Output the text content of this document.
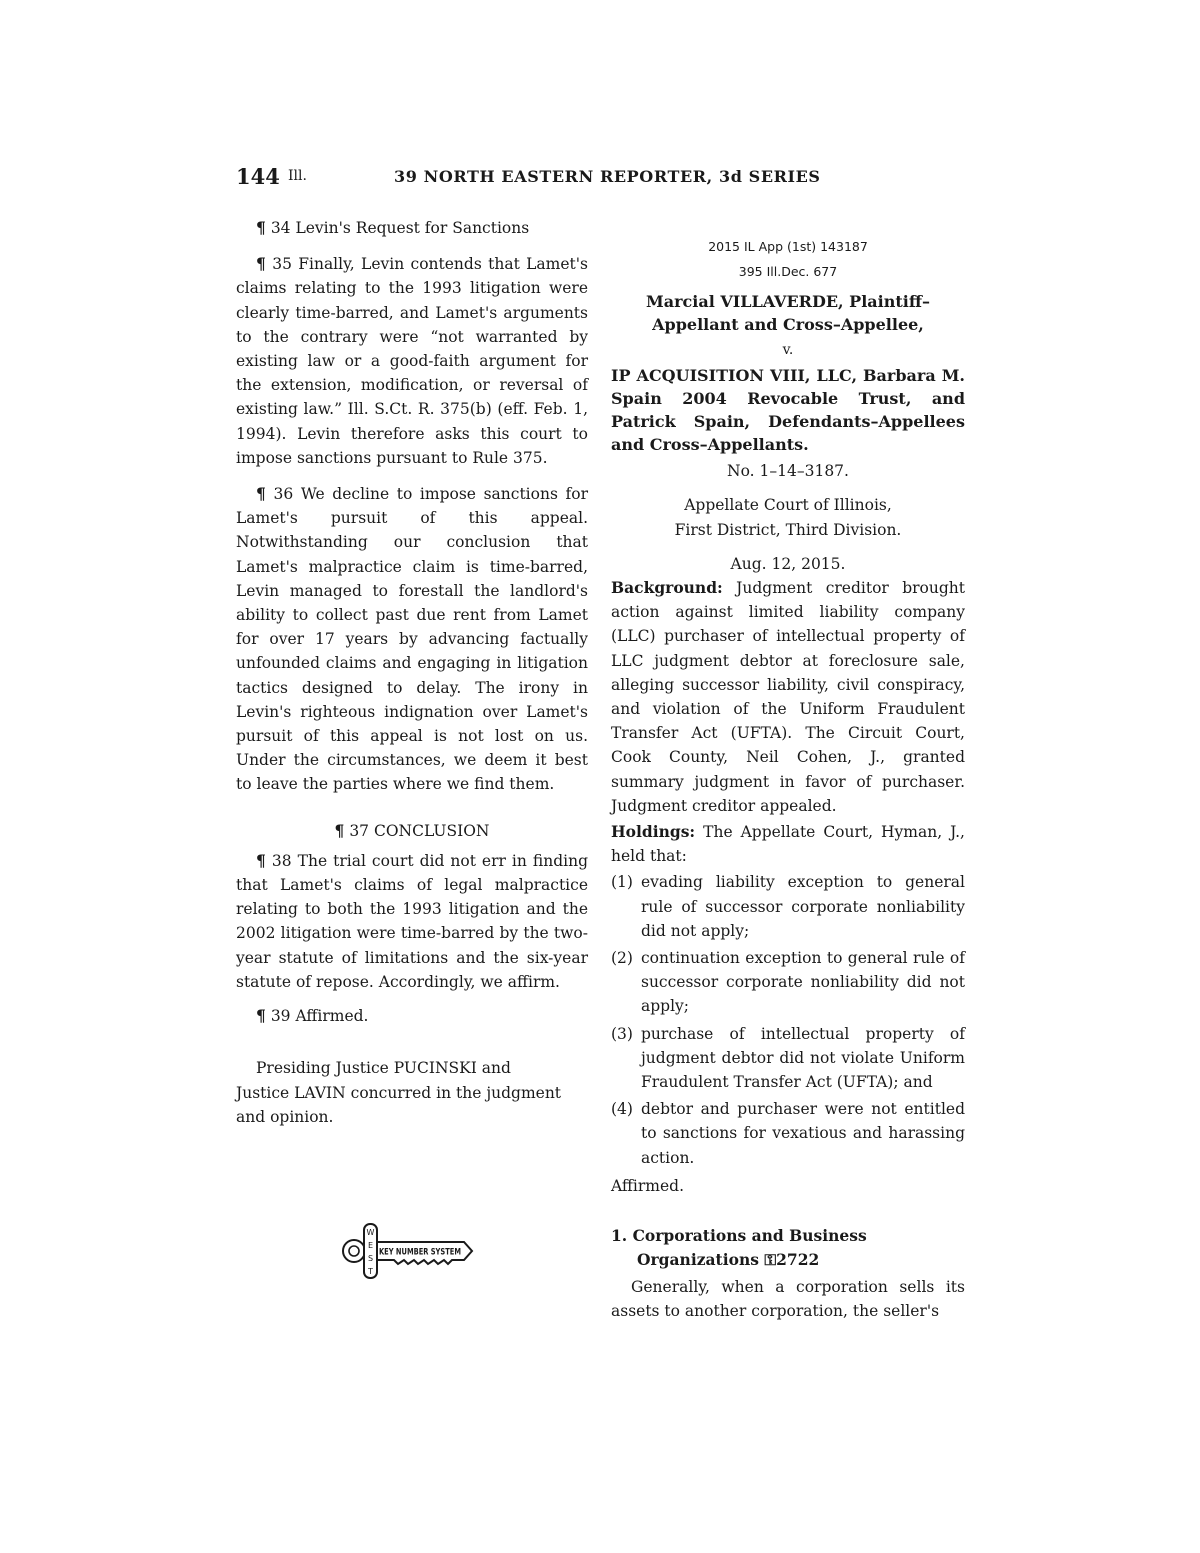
144 Ill.	39 NORTH EASTERN REPORTER, 3d SERIES

¶ 34 Levin's Request for Sanctions

¶ 35 Finally, Levin contends that Lamet's claims relating to the 1993 litigation were clearly time-barred, and Lamet's arguments to the contrary were “not warranted by existing law or a good-faith argument for the extension, modification, or reversal of existing law.” Ill. S.Ct. R. 375(b) (eff. Feb. 1, 1994). Levin therefore asks this court to impose sanctions pursuant to Rule 375.

¶ 36 We decline to impose sanctions for Lamet's pursuit of this appeal. Notwithstanding our conclusion that Lamet's malpractice claim is time-barred, Levin managed to forestall the landlord's ability to collect past due rent from Lamet for over 17 years by advancing factually unfounded claims and engaging in litigation tactics designed to delay. The irony in Levin's righteous indignation over Lamet's pursuit of this appeal is not lost on us. Under the circumstances, we deem it best to leave the parties where we find them.

¶ 37 CONCLUSION

¶ 38 The trial court did not err in finding that Lamet's claims of legal malpractice relating to both the 1993 litigation and the 2002 litigation were time-barred by the two-year statute of limitations and the six-year statute of repose. Accordingly, we affirm.

¶ 39 Affirmed.

Presiding Justice PUCINSKI and
Justice LAVIN concurred in the judgment and opinion.

W
E
S
T
KEY NUMBER SYSTEM

2015 IL App (1st) 143187

395 Ill.Dec. 677

Marcial VILLAVERDE, Plaintiff–Appellant and Cross–Appellee,

v.

IP ACQUISITION VIII, LLC, Barbara M. Spain 2004 Revocable Trust, and Patrick Spain, Defendants–Appellees and Cross–Appellants.

No. 1–14–3187.

Appellate Court of Illinois,

First District, Third Division.

Aug. 12, 2015.

Background: Judgment creditor brought action against limited liability company (LLC) purchaser of intellectual property of LLC judgment debtor at foreclosure sale, alleging successor liability, civil conspiracy, and violation of the Uniform Fraudulent Transfer Act (UFTA). The Circuit Court, Cook County, Neil Cohen, J., granted summary judgment in favor of purchaser. Judgment creditor appealed.

Holdings: The Appellate Court, Hyman, J., held that:

(1) evading liability exception to general rule of successor corporate nonliability did not apply;
(2) continuation exception to general rule of successor corporate nonliability did not apply;
(3) purchase of intellectual property of judgment debtor did not violate Uniform Fraudulent Transfer Act (UFTA); and
(4) debtor and purchaser were not entitled to sanctions for vexatious and harassing action.

Affirmed.

1. Corporations and Business Organizations ⚿2722

Generally, when a corporation sells its assets to another corporation, the seller's
